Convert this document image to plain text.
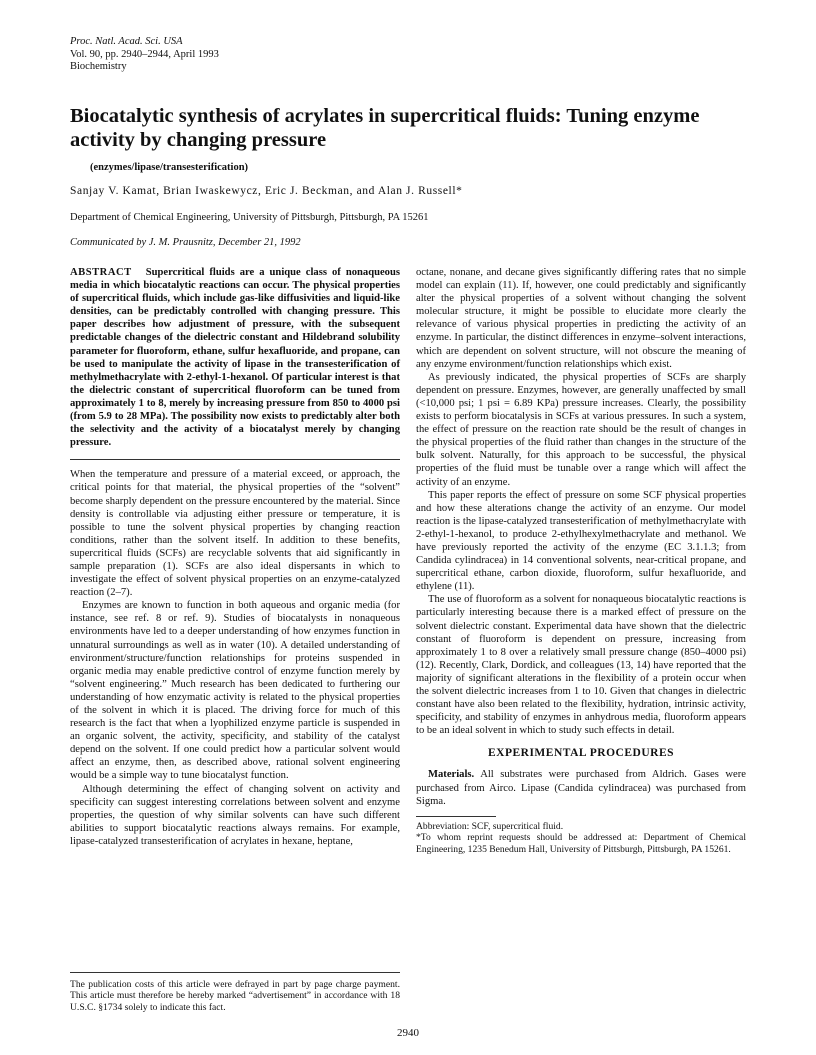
Proc. Natl. Acad. Sci. USA
Vol. 90, pp. 2940–2944, April 1993
Biochemistry
Biocatalytic synthesis of acrylates in supercritical fluids: Tuning enzyme activity by changing pressure
(enzymes/lipase/transesterification)
Sanjay V. Kamat, Brian Iwaskewycz, Eric J. Beckman, and Alan J. Russell*
Department of Chemical Engineering, University of Pittsburgh, Pittsburgh, PA 15261
Communicated by J. M. Prausnitz, December 21, 1992

ABSTRACT Supercritical fluids are a unique class of nonaqueous media in which biocatalytic reactions can occur. The physical properties of supercritical fluids, which include gas-like diffusivities and liquid-like densities, can be predictably controlled with changing pressure. This paper describes how adjustment of pressure, with the subsequent predictable changes of the dielectric constant and Hildebrand solubility parameter for fluoroform, ethane, sulfur hexafluoride, and propane, can be used to manipulate the activity of lipase in the transesterification of methylmethacrylate with 2-ethyl-1-hexanol. Of particular interest is that the dielectric constant of supercritical fluoroform can be tuned from approximately 1 to 8, merely by increasing pressure from 850 to 4000 psi (from 5.9 to 28 MPa). The possibility now exists to predictably alter both the selectivity and the activity of a biocatalyst merely by changing pressure.

When the temperature and pressure of a material exceed, or approach, the critical points for that material, the physical properties of the “solvent” become sharply dependent on the pressure encountered by the material. Since density is controllable via adjusting either pressure or temperature, it is possible to tune the solvent physical properties by changing reaction conditions, rather than the solvent itself. In addition to these benefits, supercritical fluids (SCFs) are recyclable solvents that aid significantly in sample preparation (1). SCFs are also ideal dispersants in which to investigate the effect of solvent physical properties on an enzyme-catalyzed reaction (2–7).

Enzymes are known to function in both aqueous and organic media (for instance, see ref. 8 or ref. 9). Studies of biocatalysts in nonaqueous environments have led to a deeper understanding of how enzymes function in unnatural surroundings as well as in water (10). A detailed understanding of environment/structure/function relationships for proteins suspended in organic media may enable predictive control of enzyme function merely by “solvent engineering.” Much research has been dedicated to furthering our understanding of how enzymatic activity is related to the physical properties of the solvent in which it is placed. The driving force for much of this research is the fact that when a lyophilized enzyme particle is suspended in an organic solvent, the activity, specificity, and stability of the catalyst depend on the solvent. If one could predict how a particular solvent would affect an enzyme, then, as described above, rational solvent engineering would be a simple way to tune biocatalyst function.

Although determining the effect of changing solvent on activity and specificity can suggest interesting correlations between solvent and enzyme properties, the question of why similar solvents can have such different abilities to support biocatalytic reactions always remains. For example, lipase-catalyzed transesterification of acrylates in hexane, heptane,

The publication costs of this article were defrayed in part by page charge payment. This article must therefore be hereby marked “advertisement” in accordance with 18 U.S.C. §1734 solely to indicate this fact.

octane, nonane, and decane gives significantly differing rates that no simple model can explain (11). If, however, one could predictably and significantly alter the physical properties of a solvent without changing the solvent molecular structure, it might be possible to elucidate more clearly the relevance of various physical properties in predicting the activity of an enzyme. In particular, the distinct differences in enzyme–solvent interactions, which are dependent on solvent structure, will not obscure the meaning of any enzyme environment/function relationships which exist.

As previously indicated, the physical properties of SCFs are sharply dependent on pressure. Enzymes, however, are generally unaffected by small (<10,000 psi; 1 psi = 6.89 KPa) pressure increases. Clearly, the possibility exists to perform biocatalysis in SCFs at various pressures. In such a system, the effect of pressure on the reaction rate should be the result of changes in the physical properties of the fluid rather than changes in the structure of the bulk solvent. Naturally, for this approach to be successful, the physical properties of the fluid must be tunable over a range which will affect the activity of an enzyme.

This paper reports the effect of pressure on some SCF physical properties and how these alterations change the activity of an enzyme. Our model reaction is the lipase-catalyzed transesterification of methylmethacrylate with 2-ethyl-1-hexanol, to produce 2-ethylhexylmethacrylate and methanol. We have previously reported the activity of the enzyme (EC 3.1.1.3; from Candida cylindracea) in 14 conventional solvents, near-critical propane, and supercritical ethane, carbon dioxide, fluoroform, sulfur hexafluoride, and ethylene (11).

The use of fluoroform as a solvent for nonaqueous biocatalytic reactions is particularly interesting because there is a marked effect of pressure on the solvent dielectric constant. Experimental data have shown that the dielectric constant of fluoroform is dependent on pressure, increasing from approximately 1 to 8 over a relatively small pressure change (850–4000 psi) (12). Recently, Clark, Dordick, and colleagues (13, 14) have reported that the majority of significant alterations in the flexibility of a protein occur when the solvent dielectric increases from 1 to 10. Given that changes in dielectric constant have also been related to the flexibility, hydration, intrinsic activity, specificity, and stability of enzymes in anhydrous media, fluoroform appears to be an ideal solvent in which to study such effects in detail.

EXPERIMENTAL PROCEDURES

Materials. All substrates were purchased from Aldrich. Gases were purchased from Airco. Lipase (Candida cylindracea) was purchased from Sigma.

Abbreviation: SCF, supercritical fluid.

*To whom reprint requests should be addressed at: Department of Chemical Engineering, 1235 Benedum Hall, University of Pittsburgh, Pittsburgh, PA 15261.

2940
